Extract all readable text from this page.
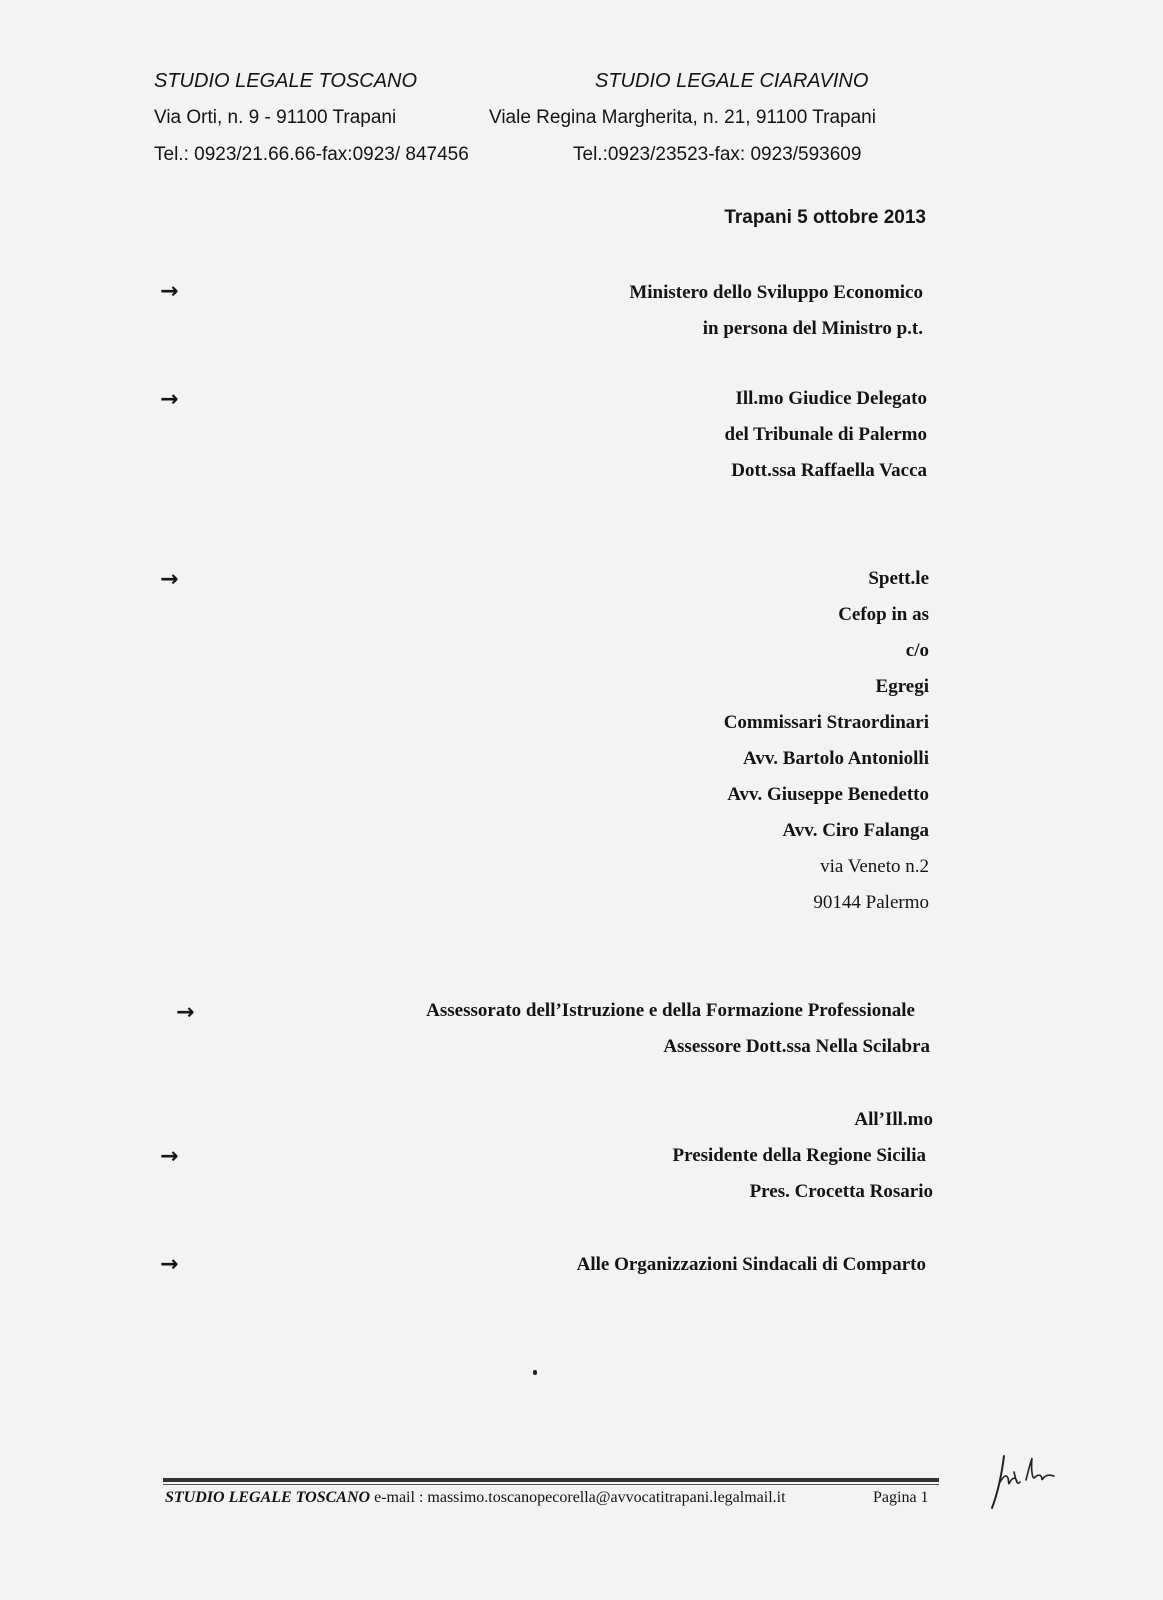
STUDIO LEGALE TOSCANO
Via Orti, n. 9 - 91100 Trapani
Tel.: 0923/21.66.66-fax:0923/ 847456
STUDIO LEGALE CIARAVINO
Viale Regina Margherita, n. 21, 91100 Trapani
Tel.:0923/23523-fax: 0923/593609
Trapani 5 ottobre 2013
→
→
→
→
→
→
Ministero dello Sviluppo Economico
in persona del Ministro p.t.
Ill.mo Giudice Delegato
del Tribunale di Palermo
Dott.ssa Raffaella Vacca
Spett.le
Cefop in as
c/o
Egregi
Commissari Straordinari
Avv. Bartolo Antoniolli
Avv. Giuseppe Benedetto
Avv. Ciro Falanga
via Veneto n.2
90144 Palermo
Assessorato dell’Istruzione e della Formazione Professionale
Assessore Dott.ssa Nella Scilabra
All’Ill.mo
Presidente della Regione Sicilia
Pres. Crocetta Rosario
Alle Organizzazioni Sindacali di Comparto
STUDIO LEGALE TOSCANO e-mail : massimo.toscanopecorella@avvocatitrapani.legalmail.it	Pagina 1
